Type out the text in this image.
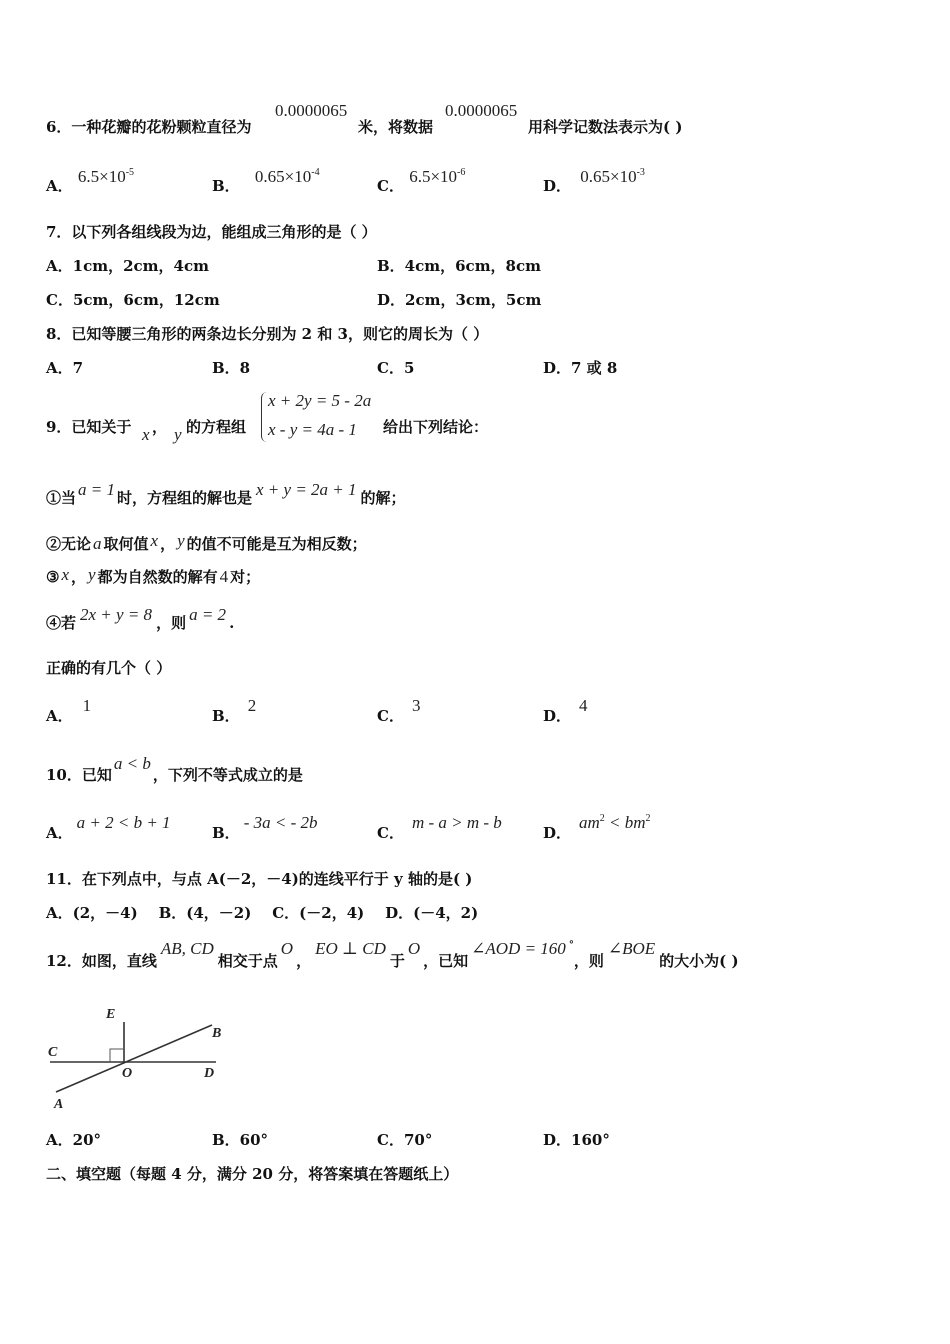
6．一种花瓣的花粉颗粒直径为
0.0000065
米，将数据
0.0000065
用科学记数法表示为( )
A． $6.5\times 10^{-5}$
B． $0.65\times 10^{-4}$
C． $6.5\times 10^{-6}$
D． $0.65\times 10^{-3}$
7．以下列各组线段为边，能组成三角形的是（ ）
A．1cm，2cm，4cm	B．4cm，6cm，8cm
C．5cm，6cm，12cm	D．2cm，3cm，5cm
8．已知等腰三角形的两条边长分别为 2 和 3，则它的周长为（ ）
A．7	B．8	C．5	D．7 或 8
9．已知关于 x ， y 的方程组
x + 2y = 5 - 2a
x - y = 4a - 1 给出下列结论：
①当 a = 1 时，方程组的解也是 x + y = 2a + 1 的解；
②无论 a 取何值 x ， y 的值不可能是互为相反数；
③ x ， y 都为自然数的解有 4 对；
④若 2x + y = 8 ，则 a = 2 .
正确的有几个（ ）
A．1
B．2
C．3
D．4
10．已知a < b，下列不等式成立的是
A．a + 2 < b + 1
B．- 3a < - 2b
C．m - a > m - b
D．$am^2 < bm^2$
11．在下列点中，与点 A(－2，－4)的连线平行于 y 轴的是( )
A．(2，－4)    B．(4，－2)    C．(－2，4)    D．(－4，2)
12．如图，直线AB, CD相交于点O，EO ⊥ CD于O，已知∠AOD = 160 °，则∠BOE的大小为( )
E
B
C
O	D
A
A．20°	B．60°	C．70°	D．160°
二、填空题（每题 4 分，满分 20 分，将答案填在答题纸上）
